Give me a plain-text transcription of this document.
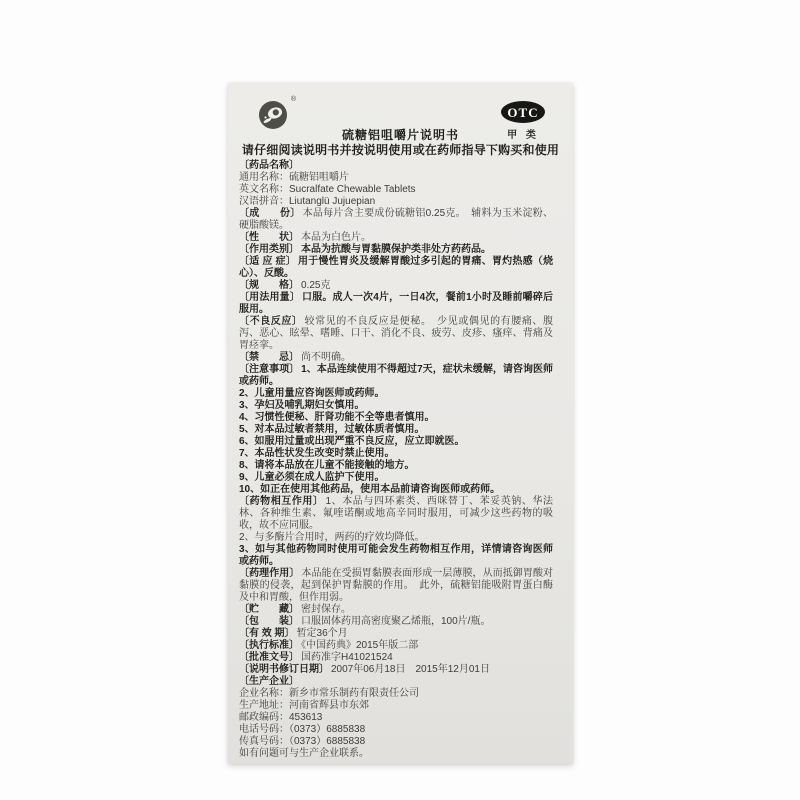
®
OTC
甲 类
硫糖铝咀嚼片说明书
请仔细阅读说明书并按说明使用或在药师指导下购买和使用

〔药品名称〕

通用名称：硫糖铝咀嚼片

英文名称：Sucralfate Chewable Tablets

汉语拼音：Liutanglü Jujuepian

〔成　　份〕 本品每片含主要成份硫糖铝0.25克。　辅料为玉米淀粉、硬脂酸镁。

〔性　　状〕 本品为白色片。

〔作用类别〕 本品为抗酸与胃黏膜保护类非处方药药品。

〔适 应 症〕 用于慢性胃炎及缓解胃酸过多引起的胃痛、胃灼热感（烧心）、反酸。

〔规　　格〕 0.25克

〔用法用量〕 口服。成人一次4片，一日4次，餐前1小时及睡前嚼碎后服用。

〔不良反应〕 较常见的不良反应是便秘。　少见或偶见的有腰痛、腹泻、恶心、眩晕、嗜睡、口干、消化不良、疲劳、皮疹、瘙痒、背痛及胃痉挛。

〔禁　　忌〕 尚不明确。

〔注意事项〕 1、本品连续使用不得超过7天，症状未缓解，请咨询医师或药师。

2、儿童用量应咨询医师或药师。

3、孕妇及哺乳期妇女慎用。

4、习惯性便秘、肝肾功能不全等患者慎用。

5、对本品过敏者禁用，过敏体质者慎用。

6、如服用过量或出现严重不良反应，应立即就医。

7、本品性状发生改变时禁止使用。

8、请将本品放在儿童不能接触的地方。

9、儿童必须在成人监护下使用。

10、如正在使用其他药品，使用本品前请咨询医师或药师。

〔药物相互作用〕 1、本品与四环素类、西咪替丁、苯妥英钠、华法林、各种维生素、氟喹诺酮或地高辛同时服用，可减少这些药物的吸收，故不应同服。

2、与多酶片合用时，两药的疗效均降低。

3、如与其他药物同时使用可能会发生药物相互作用，详情请咨询医师或药师。

〔药理作用〕 本品能在受损胃黏膜表面形成一层薄膜，从而抵御胃酸对黏膜的侵袭，起到保护胃黏膜的作用。　此外，硫糖铝能吸附胃蛋白酶及中和胃酸，但作用弱。

〔贮　　藏〕 密封保存。

〔包　　装〕 口服固体药用高密度聚乙烯瓶，100片/瓶。

〔有 效 期〕 暂定36个月

〔执行标准〕 《中国药典》2015年版二部

〔批准文号〕 国药准字H41021524

〔说明书修订日期〕 2007年06月18日　2015年12月01日

〔生产企业〕

企业名称：新乡市常乐制药有限责任公司

生产地址：河南省辉县市东郊

邮政编码：453613

电话号码：（0373）6885838

传真号码：（0373）6885838

如有问题可与生产企业联系。
